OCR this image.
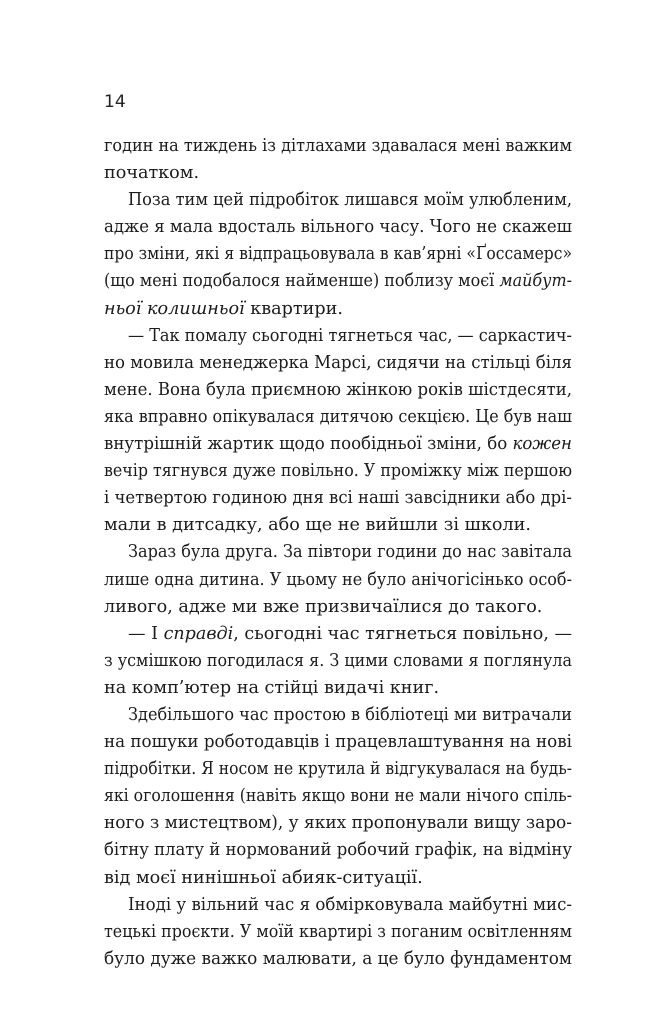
14
годин на тиждень із дітлахами здавалася мені важким
початком.
Поза тим цей підробіток лишався моїм улюбленим,
адже я мала вдосталь вільного часу. Чого не скажеш
про зміни, які я відпрацьовувала в кав’ярні «Ґоссамерс»
(що мені подобалося найменше) поблизу моєї майбут-
ньої колишньої квартири.
— Так помалу сьогодні тягнеться час, — саркастич-
но мовила менеджерка Марсі, сидячи на стільці біля
мене. Вона була приємною жінкою років шістдесяти,
яка вправно опікувалася дитячою секцією. Це був наш
внутрішній жартик щодо пообідньої зміни, бо кожен
вечір тягнувся дуже повільно. У проміжку між першою
і четвертою годиною дня всі наші завсідники або дрі-
мали в дитсадку, або ще не вийшли зі школи.
Зараз була друга. За півтори години до нас завітала
лише одна дитина. У цьому не було анічогісінько особ-
ливого, адже ми вже призвичаїлися до такого.
— І справді, сьогодні час тягнеться повільно, —
з усмішкою погодилася я. З цими словами я поглянула
на комп’ютер на стійці видачі книг.
Здебільшого час простою в бібліотеці ми витрачали
на пошуки роботодавців і працевлаштування на нові
підробітки. Я носом не крутила й відгукувалася на будь-
які оголошення (навіть якщо вони не мали нічого спіль-
ного з мистецтвом), у яких пропонували вищу заро-
бітну плату й нормований робочий графік, на відміну
від моєї нинішньої абияк-ситуації.
Іноді у вільний час я обмірковувала майбутні мис-
тецькі проєкти. У моїй квартирі з поганим освітленням
було дуже важко малювати, а це було фундаментом
